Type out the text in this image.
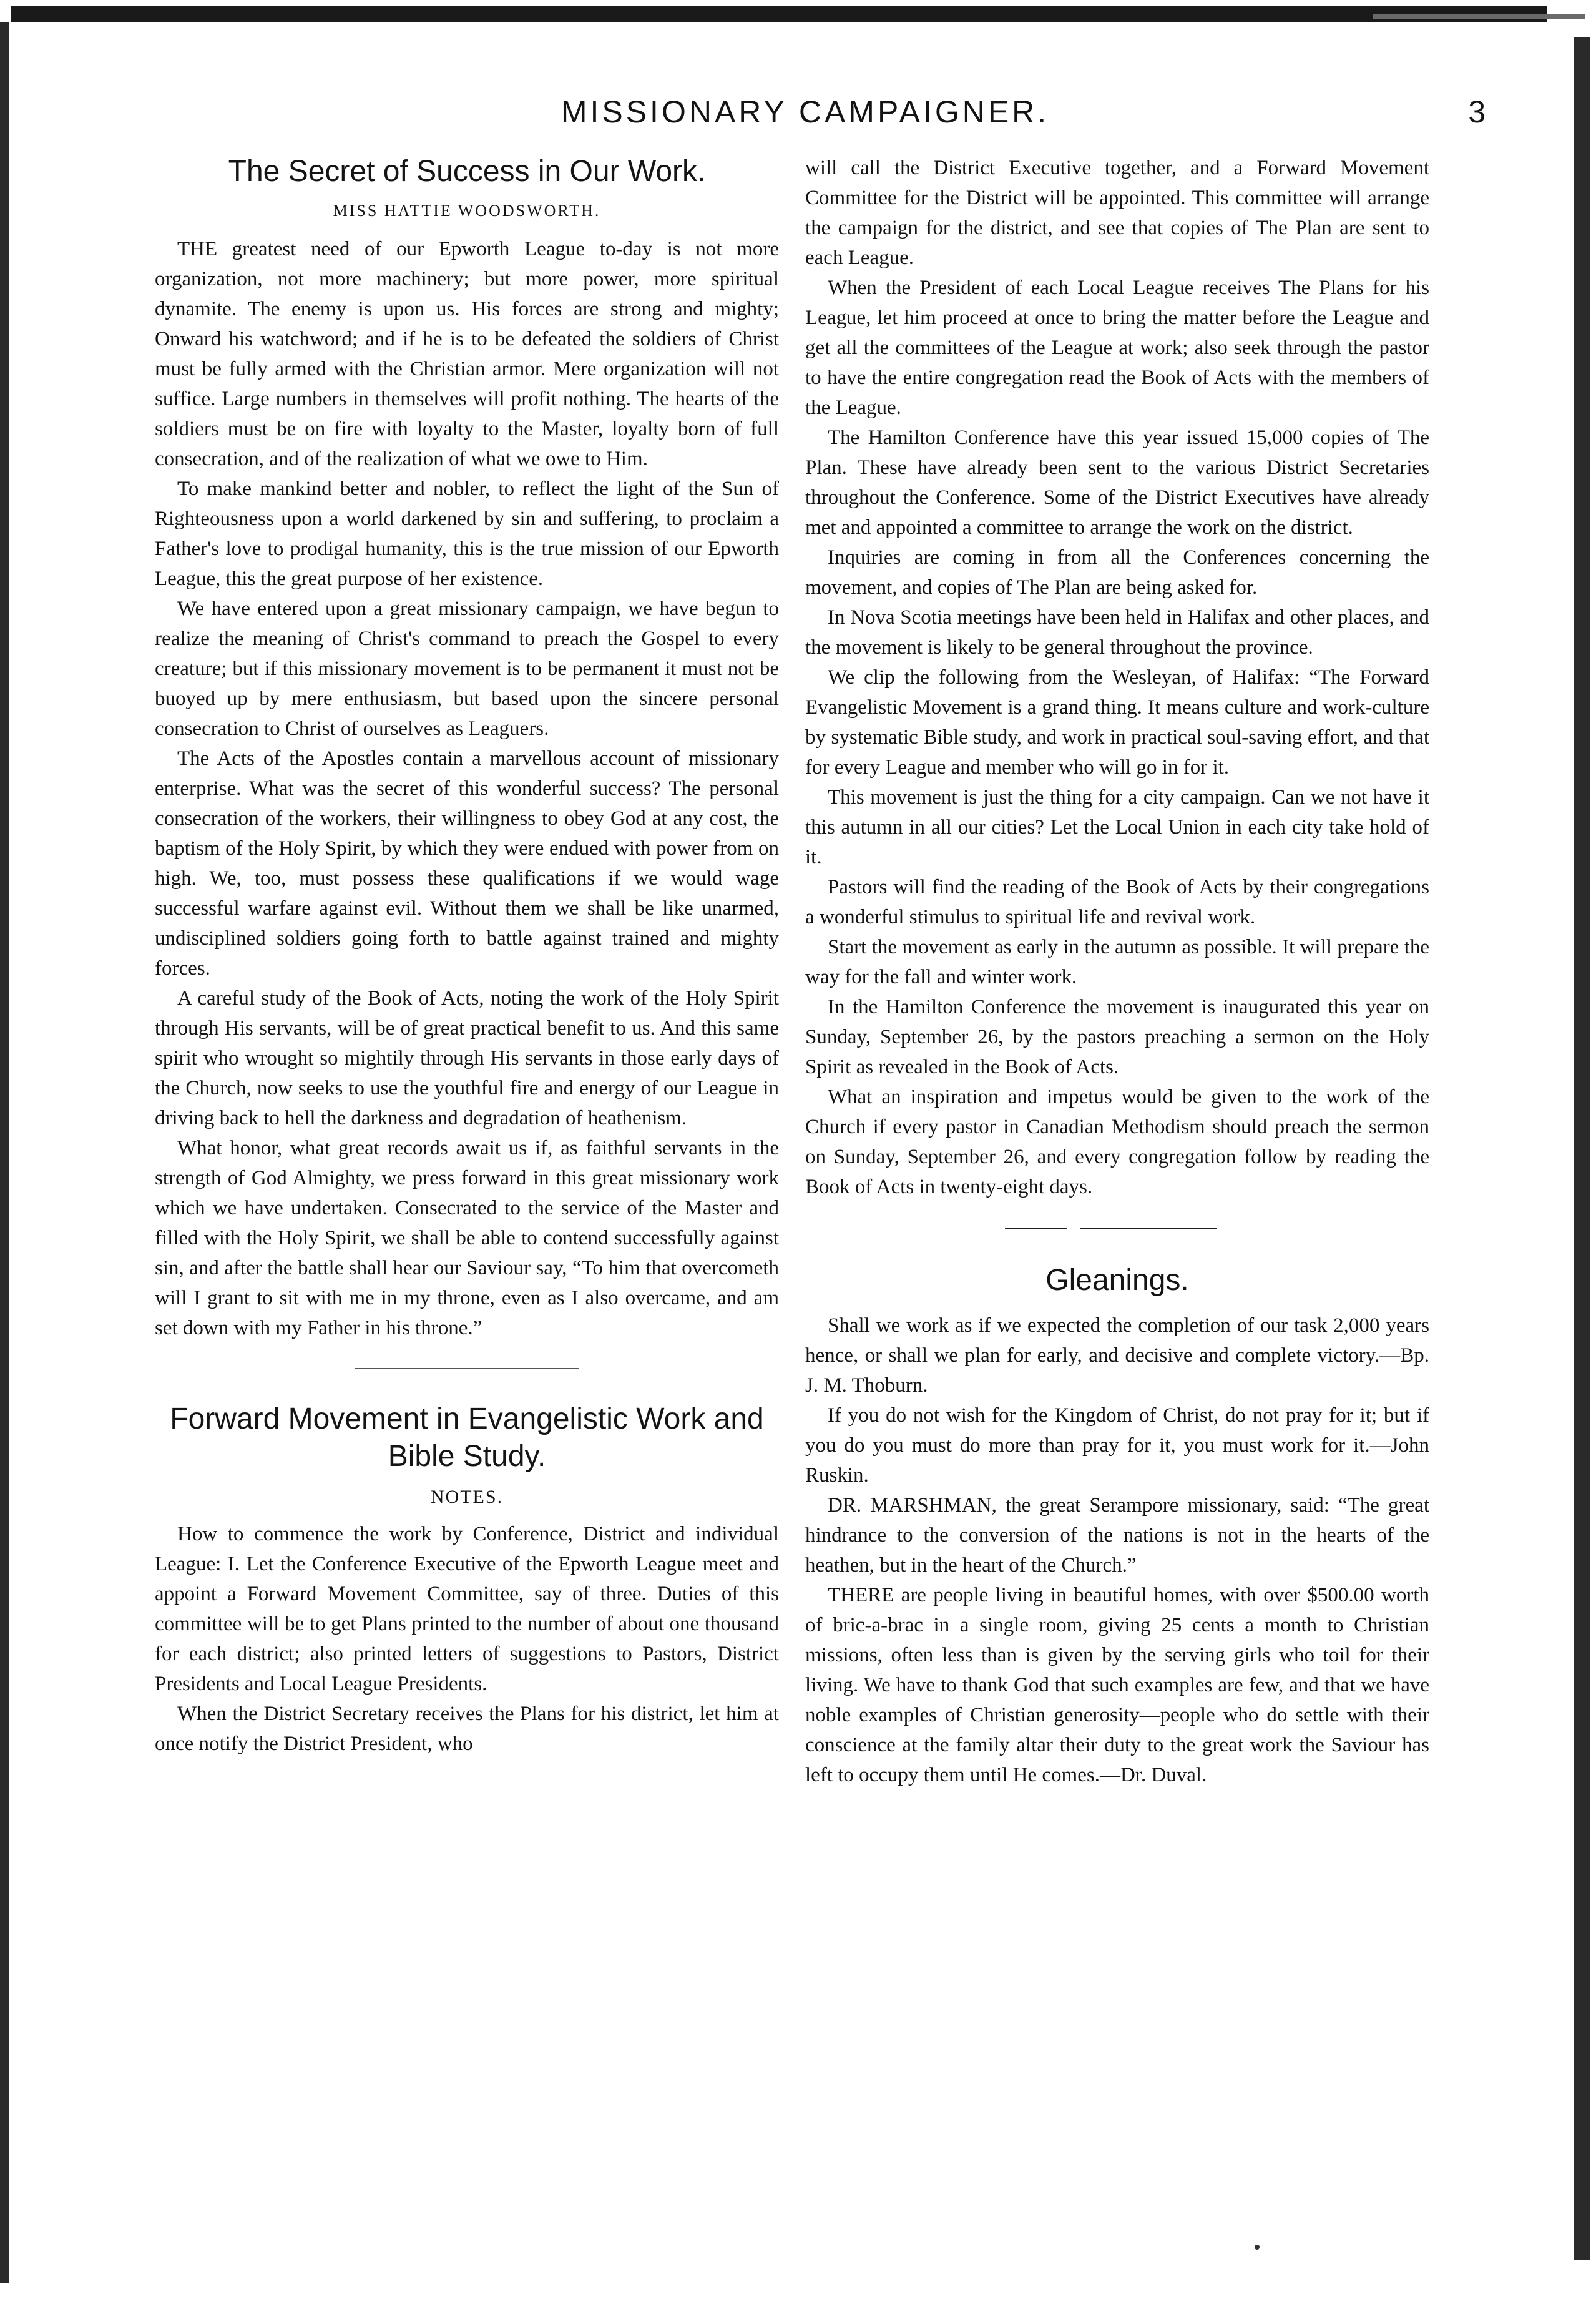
MISSIONARY CAMPAIGNER.	3
The Secret of Success in Our Work.
MISS HATTIE WOODSWORTH.

THE greatest need of our Epworth League to-day is not more organization, not more machinery; but more power, more spiritual dynamite. The enemy is upon us. His forces are strong and mighty; Onward his watchword; and if he is to be defeated the soldiers of Christ must be fully armed with the Christian armor. Mere organization will not suffice. Large numbers in themselves will profit nothing. The hearts of the soldiers must be on fire with loyalty to the Master, loyalty born of full consecration, and of the realization of what we owe to Him.

To make mankind better and nobler, to reflect the light of the Sun of Righteousness upon a world darkened by sin and suffering, to proclaim a Father's love to prodigal humanity, this is the true mission of our Epworth League, this the great purpose of her existence.

We have entered upon a great missionary campaign, we have begun to realize the meaning of Christ's command to preach the Gospel to every creature; but if this missionary movement is to be permanent it must not be buoyed up by mere enthusiasm, but based upon the sincere personal consecration to Christ of ourselves as Leaguers.

The Acts of the Apostles contain a marvellous account of missionary enterprise. What was the secret of this wonderful success? The personal consecration of the workers, their willingness to obey God at any cost, the baptism of the Holy Spirit, by which they were endued with power from on high. We, too, must possess these qualifications if we would wage successful warfare against evil. Without them we shall be like unarmed, undisciplined soldiers going forth to battle against trained and mighty forces.

A careful study of the Book of Acts, noting the work of the Holy Spirit through His servants, will be of great practical benefit to us. And this same spirit who wrought so mightily through His servants in those early days of the Church, now seeks to use the youthful fire and energy of our League in driving back to hell the darkness and degradation of heathenism.

What honor, what great records await us if, as faithful servants in the strength of God Almighty, we press forward in this great missionary work which we have undertaken. Consecrated to the service of the Master and filled with the Holy Spirit, we shall be able to contend successfully against sin, and after the battle shall hear our Saviour say, “To him that overcometh will I grant to sit with me in my throne, even as I also overcame, and am set down with my Father in his throne.”

Forward Movement in Evangelistic Work and Bible Study.
NOTES.

How to commence the work by Conference, District and individual League: I. Let the Conference Executive of the Epworth League meet and appoint a Forward Movement Committee, say of three. Duties of this committee will be to get Plans printed to the number of about one thousand for each district; also printed letters of suggestions to Pastors, District Presidents and Local League Presidents.

When the District Secretary receives the Plans for his district, let him at once notify the District President, who

will call the District Executive together, and a Forward Movement Committee for the District will be appointed. This committee will arrange the campaign for the district, and see that copies of The Plan are sent to each League.

When the President of each Local League receives The Plans for his League, let him proceed at once to bring the matter before the League and get all the committees of the League at work; also seek through the pastor to have the entire congregation read the Book of Acts with the members of the League.

The Hamilton Conference have this year issued 15,000 copies of The Plan. These have already been sent to the various District Secretaries throughout the Conference. Some of the District Executives have already met and appointed a committee to arrange the work on the district.

Inquiries are coming in from all the Conferences concerning the movement, and copies of The Plan are being asked for.

In Nova Scotia meetings have been held in Halifax and other places, and the movement is likely to be general throughout the province.

We clip the following from the Wesleyan, of Halifax: “The Forward Evangelistic Movement is a grand thing. It means culture and work-culture by systematic Bible study, and work in practical soul-saving effort, and that for every League and member who will go in for it.

This movement is just the thing for a city campaign. Can we not have it this autumn in all our cities? Let the Local Union in each city take hold of it.

Pastors will find the reading of the Book of Acts by their congregations a wonderful stimulus to spiritual life and revival work.

Start the movement as early in the autumn as possible. It will prepare the way for the fall and winter work.

In the Hamilton Conference the movement is inaugurated this year on Sunday, September 26, by the pastors preaching a sermon on the Holy Spirit as revealed in the Book of Acts.

What an inspiration and impetus would be given to the work of the Church if every pastor in Canadian Methodism should preach the sermon on Sunday, September 26, and every congregation follow by reading the Book of Acts in twenty-eight days.

Gleanings.

Shall we work as if we expected the completion of our task 2,000 years hence, or shall we plan for early, and decisive and complete victory.—Bp. J. M. Thoburn.

If you do not wish for the Kingdom of Christ, do not pray for it; but if you do you must do more than pray for it, you must work for it.—John Ruskin.

DR. MARSHMAN, the great Serampore missionary, said: “The great hindrance to the conversion of the nations is not in the hearts of the heathen, but in the heart of the Church.”

THERE are people living in beautiful homes, with over $500.00 worth of bric-a-brac in a single room, giving 25 cents a month to Christian missions, often less than is given by the serving girls who toil for their living. We have to thank God that such examples are few, and that we have noble examples of Christian generosity—people who do settle with their conscience at the family altar their duty to the great work the Saviour has left to occupy them until He comes.—Dr. Duval.
